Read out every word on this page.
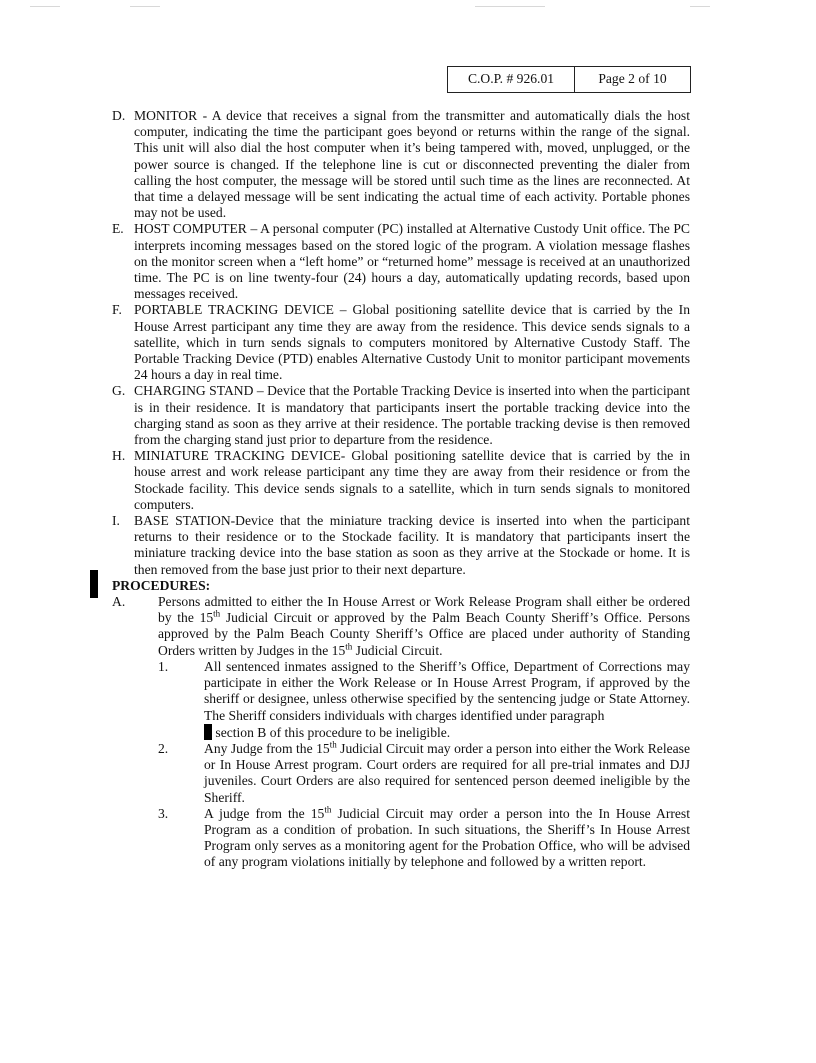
C.O.P. # 926.01	Page 2 of 10
D. MONITOR - A device that receives a signal from the transmitter and automatically dials the host computer, indicating the time the participant goes beyond or returns within the range of the signal. This unit will also dial the host computer when it’s being tampered with, moved, unplugged, or the power source is changed. If the telephone line is cut or disconnected preventing the dialer from calling the host computer, the message will be stored until such time as the lines are reconnected. At that time a delayed message will be sent indicating the actual time of each activity. Portable phones may not be used.
E. HOST COMPUTER – A personal computer (PC) installed at Alternative Custody Unit office. The PC interprets incoming messages based on the stored logic of the program. A violation message flashes on the monitor screen when a “left home” or “returned home” message is received at an unauthorized time. The PC is on line twenty-four (24) hours a day, automatically updating records, based upon messages received.
F. PORTABLE TRACKING DEVICE – Global positioning satellite device that is carried by the In House Arrest participant any time they are away from the residence. This device sends signals to a satellite, which in turn sends signals to computers monitored by Alternative Custody Staff. The Portable Tracking Device (PTD) enables Alternative Custody Unit to monitor participant movements 24 hours a day in real time.
G. CHARGING STAND – Device that the Portable Tracking Device is inserted into when the participant is in their residence. It is mandatory that participants insert the portable tracking device into the charging stand as soon as they arrive at their residence. The portable tracking devise is then removed from the charging stand just prior to departure from the residence.
H. MINIATURE TRACKING DEVICE- Global positioning satellite device that is carried by the in house arrest and work release participant any time they are away from their residence or from the Stockade facility. This device sends signals to a satellite, which in turn sends signals to monitored computers.
I.	BASE STATION-Device that the miniature tracking device is inserted into when the participant returns to their residence or to the Stockade facility. It is mandatory that participants insert the miniature tracking device into the base station as soon as they arrive at the Stockade or home. It is then removed from the base just prior to their next departure.
PROCEDURES:
A.	Persons admitted to either the In House Arrest or Work Release Program shall either be ordered by the 15th Judicial Circuit or approved by the Palm Beach County Sheriff’s Office. Persons approved by the Palm Beach County Sheriff’s Office are placed under authority of Standing Orders written by Judges in the 15th Judicial Circuit.
1.	All sentenced inmates assigned to the Sheriff’s Office, Department of Corrections may participate in either the Work Release or In House Arrest Program, if approved by the sheriff or designee, unless otherwise specified by the sentencing judge or State Attorney. The Sheriff considers individuals with charges identified under paragraph
section B of this procedure to be ineligible.
2.	Any Judge from the 15th Judicial Circuit may order a person into either the Work Release or In House Arrest program. Court orders are required for all pre-trial inmates and DJJ juveniles. Court Orders are also required for sentenced person deemed ineligible by the Sheriff.
3.	A judge from the 15th Judicial Circuit may order a person into the In House Arrest Program as a condition of probation. In such situations, the Sheriff’s In House Arrest Program only serves as a monitoring agent for the Probation Office, who will be advised of any program violations initially by telephone and followed by a written report.
